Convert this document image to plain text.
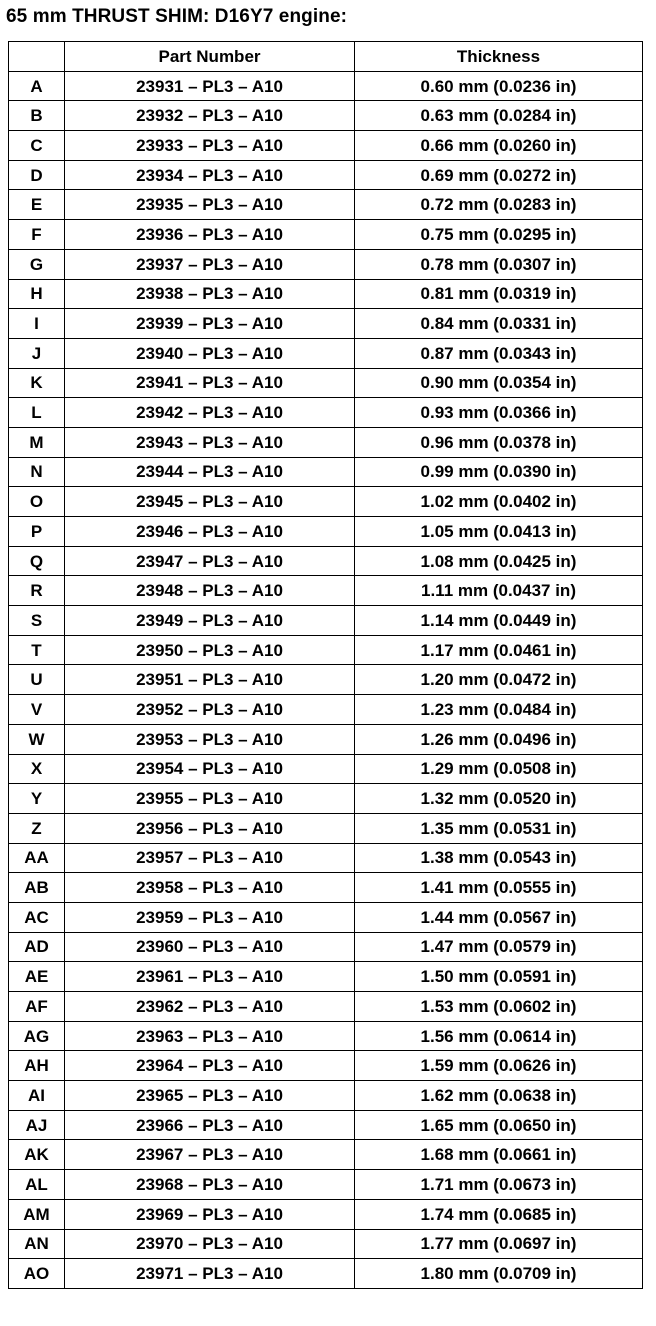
65 mm THRUST SHIM: D16Y7 engine:
	Part Number	Thickness
A	23931 – PL3 – A10	0.60 mm (0.0236 in)
B	23932 – PL3 – A10	0.63 mm (0.0284 in)
C	23933 – PL3 – A10	0.66 mm (0.0260 in)
D	23934 – PL3 – A10	0.69 mm (0.0272 in)
E	23935 – PL3 – A10	0.72 mm (0.0283 in)
F	23936 – PL3 – A10	0.75 mm (0.0295 in)
G	23937 – PL3 – A10	0.78 mm (0.0307 in)
H	23938 – PL3 – A10	0.81 mm (0.0319 in)
I	23939 – PL3 – A10	0.84 mm (0.0331 in)
J	23940 – PL3 – A10	0.87 mm (0.0343 in)
K	23941 – PL3 – A10	0.90 mm (0.0354 in)
L	23942 – PL3 – A10	0.93 mm (0.0366 in)
M	23943 – PL3 – A10	0.96 mm (0.0378 in)
N	23944 – PL3 – A10	0.99 mm (0.0390 in)
O	23945 – PL3 – A10	1.02 mm (0.0402 in)
P	23946 – PL3 – A10	1.05 mm (0.0413 in)
Q	23947 – PL3 – A10	1.08 mm (0.0425 in)
R	23948 – PL3 – A10	1.11 mm (0.0437 in)
S	23949 – PL3 – A10	1.14 mm (0.0449 in)
T	23950 – PL3 – A10	1.17 mm (0.0461 in)
U	23951 – PL3 – A10	1.20 mm (0.0472 in)
V	23952 – PL3 – A10	1.23 mm (0.0484 in)
W	23953 – PL3 – A10	1.26 mm (0.0496 in)
X	23954 – PL3 – A10	1.29 mm (0.0508 in)
Y	23955 – PL3 – A10	1.32 mm (0.0520 in)
Z	23956 – PL3 – A10	1.35 mm (0.0531 in)
AA	23957 – PL3 – A10	1.38 mm (0.0543 in)
AB	23958 – PL3 – A10	1.41 mm (0.0555 in)
AC	23959 – PL3 – A10	1.44 mm (0.0567 in)
AD	23960 – PL3 – A10	1.47 mm (0.0579 in)
AE	23961 – PL3 – A10	1.50 mm (0.0591 in)
AF	23962 – PL3 – A10	1.53 mm (0.0602 in)
AG	23963 – PL3 – A10	1.56 mm (0.0614 in)
AH	23964 – PL3 – A10	1.59 mm (0.0626 in)
AI	23965 – PL3 – A10	1.62 mm (0.0638 in)
AJ	23966 – PL3 – A10	1.65 mm (0.0650 in)
AK	23967 – PL3 – A10	1.68 mm (0.0661 in)
AL	23968 – PL3 – A10	1.71 mm (0.0673 in)
AM	23969 – PL3 – A10	1.74 mm (0.0685 in)
AN	23970 – PL3 – A10	1.77 mm (0.0697 in)
AO	23971 – PL3 – A10	1.80 mm (0.0709 in)
